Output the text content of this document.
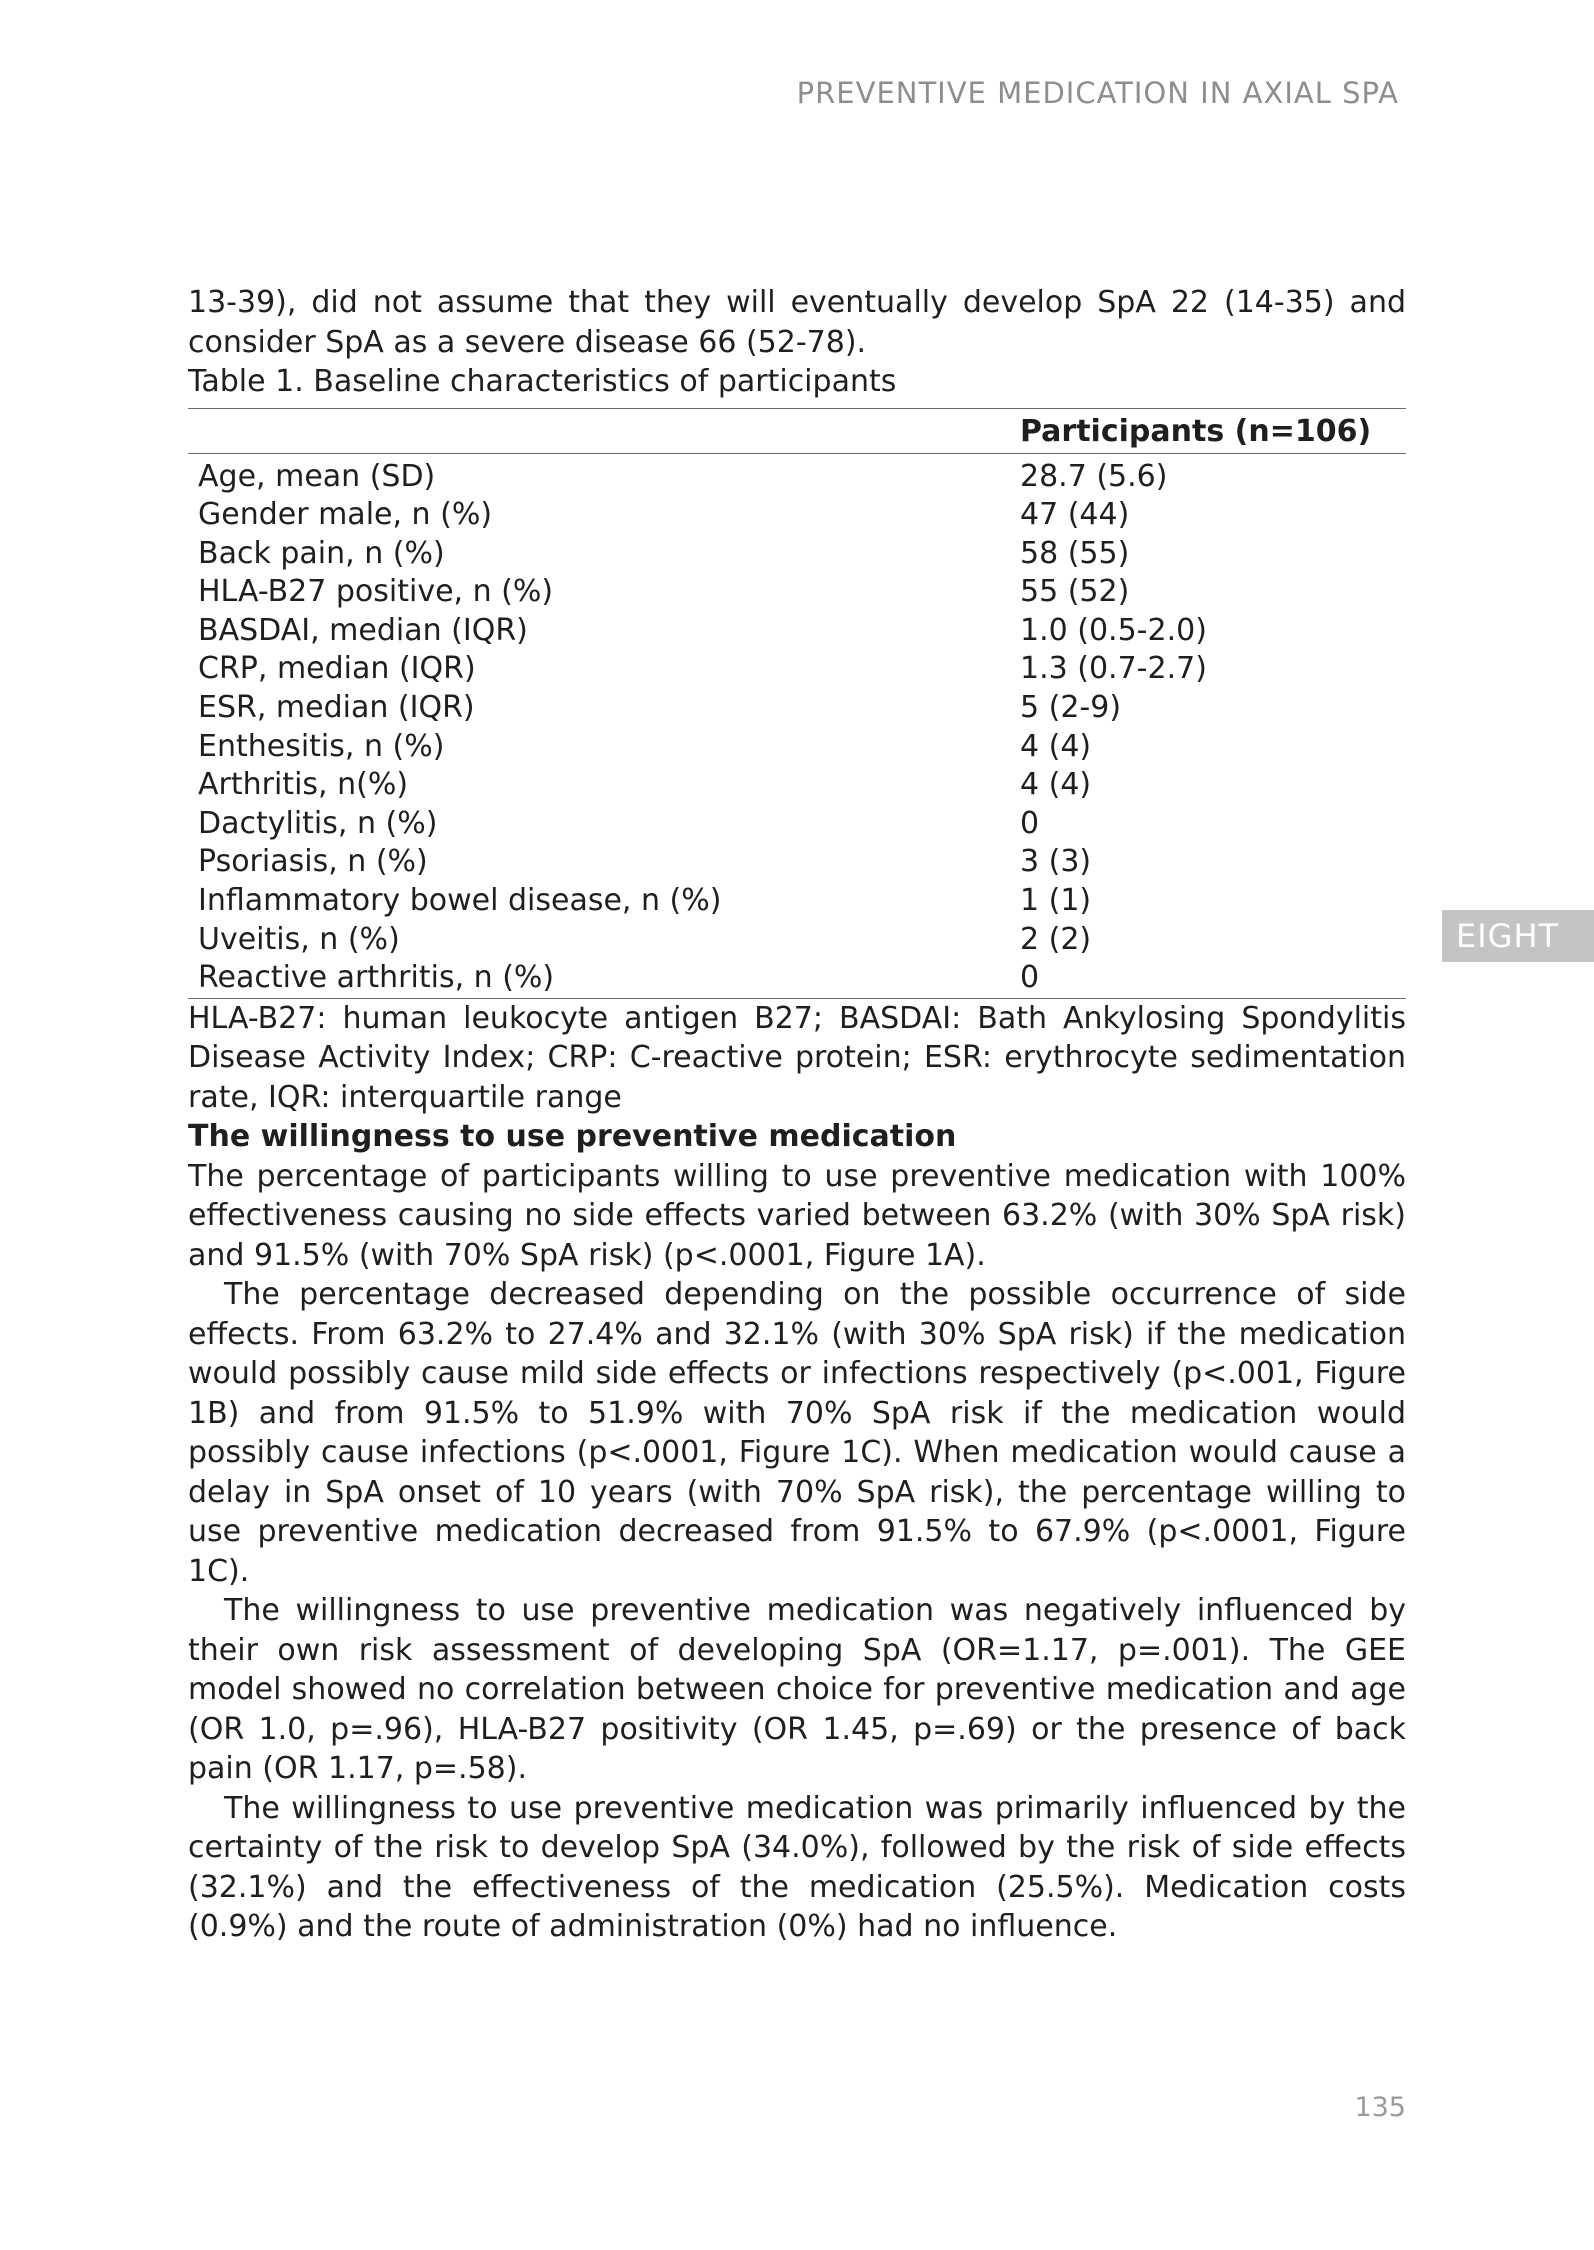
PREVENTIVE MEDICATION IN AXIAL SPA

13-39), did not assume that they will eventually develop SpA 22 (14-35) and consider SpA as a severe disease 66 (52-78).

Table 1. Baseline characteristics of participants

	Participants (n=106)
Age, mean (SD)	28.7 (5.6)
Gender male, n (%)	47 (44)
Back pain, n (%)	58 (55)
HLA-B27 positive, n (%)	55 (52)
BASDAI, median (IQR)	1.0 (0.5-2.0)
CRP, median (IQR)	1.3 (0.7-2.7)
ESR, median (IQR)	5 (2-9)
Enthesitis, n (%)	4 (4)
Arthritis, n(%)	4 (4)
Dactylitis, n (%)	0
Psoriasis, n (%)	3 (3)
Inflammatory bowel disease, n (%)	1 (1)
Uveitis, n (%)	2 (2)
Reactive arthritis, n (%)	0

HLA-B27: human leukocyte antigen B27; BASDAI: Bath Ankylosing Spondylitis Disease Activity Index; CRP: C-reactive protein; ESR: erythrocyte sedimentation rate, IQR: interquartile range

The willingness to use preventive medication

The percentage of participants willing to use preventive medication with 100% effectiveness causing no side effects varied between 63.2% (with 30% SpA risk) and 91.5% (with 70% SpA risk) (p<.0001, Figure 1A).

The percentage decreased depending on the possible occurrence of side effects. From 63.2% to 27.4% and 32.1% (with 30% SpA risk) if the medication would possibly cause mild side effects or infections respectively (p<.001, Figure 1B) and from 91.5% to 51.9% with 70% SpA risk if the medication would possibly cause infections (p<.0001, Figure 1C). When medication would cause a delay in SpA onset of 10 years (with 70% SpA risk), the percentage willing to use preventive medication decreased from 91.5% to 67.9% (p<.0001, Figure 1C).

The willingness to use preventive medication was negatively influenced by their own risk assessment of developing SpA (OR=1.17, p=.001). The GEE model showed no correlation between choice for preventive medication and age (OR 1.0, p=.96), HLA-B27 positivity (OR 1.45, p=.69) or the presence of back pain (OR 1.17, p=.58).

The willingness to use preventive medication was primarily influenced by the certainty of the risk to develop SpA (34.0%), followed by the risk of side effects (32.1%) and the effectiveness of the medication (25.5%). Medication costs (0.9%) and the route of administration (0%) had no influence.

EIGHT
135
